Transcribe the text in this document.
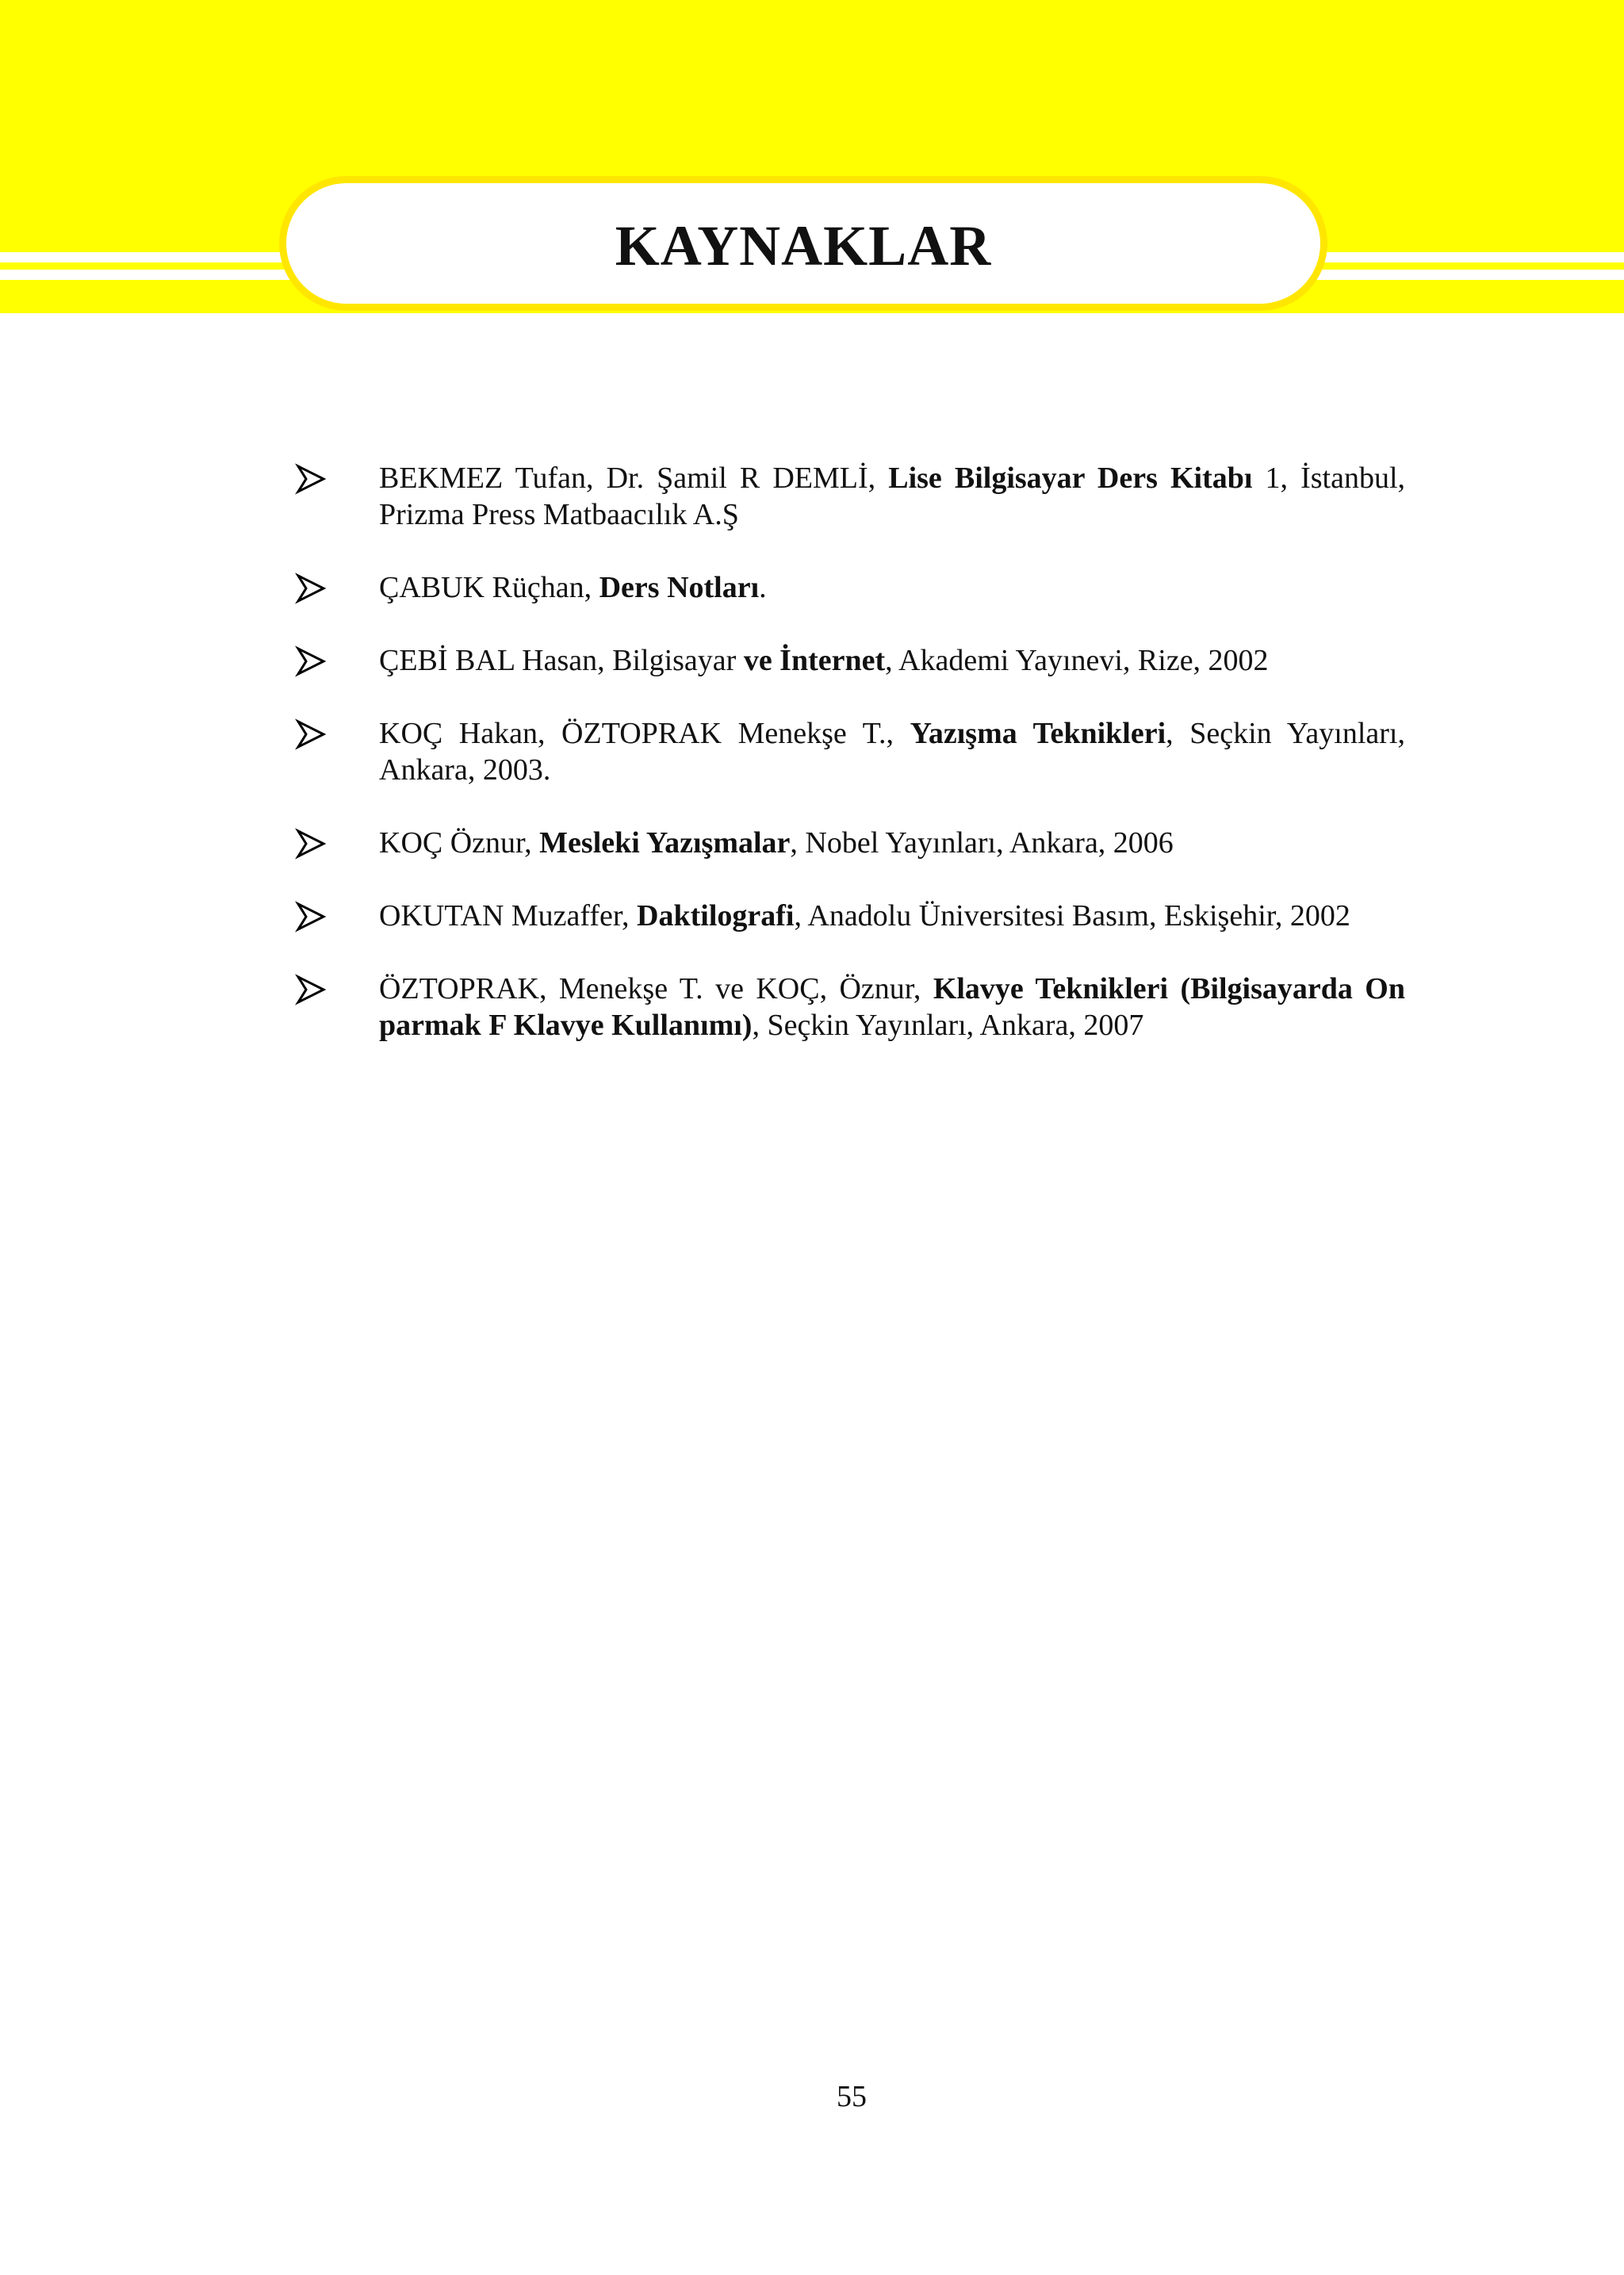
KAYNAKLAR
BEKMEZ Tufan, Dr. Şamil R DEMLİ, Lise Bilgisayar Ders Kitabı 1, İstanbul, Prizma Press Matbaacılık A.Ş
ÇABUK Rüçhan, Ders Notları.
ÇEBİ BAL Hasan, Bilgisayar ve İnternet, Akademi Yayınevi, Rize, 2002
KOÇ Hakan, ÖZTOPRAK Menekşe T., Yazışma Teknikleri, Seçkin Yayınları, Ankara, 2003.
KOÇ Öznur, Mesleki Yazışmalar, Nobel Yayınları, Ankara, 2006
OKUTAN Muzaffer, Daktilografi, Anadolu Üniversitesi Basım, Eskişehir, 2002
ÖZTOPRAK, Menekşe T. ve KOÇ, Öznur, Klavye Teknikleri (Bilgisayarda On parmak F Klavye Kullanımı), Seçkin Yayınları, Ankara, 2007
55
